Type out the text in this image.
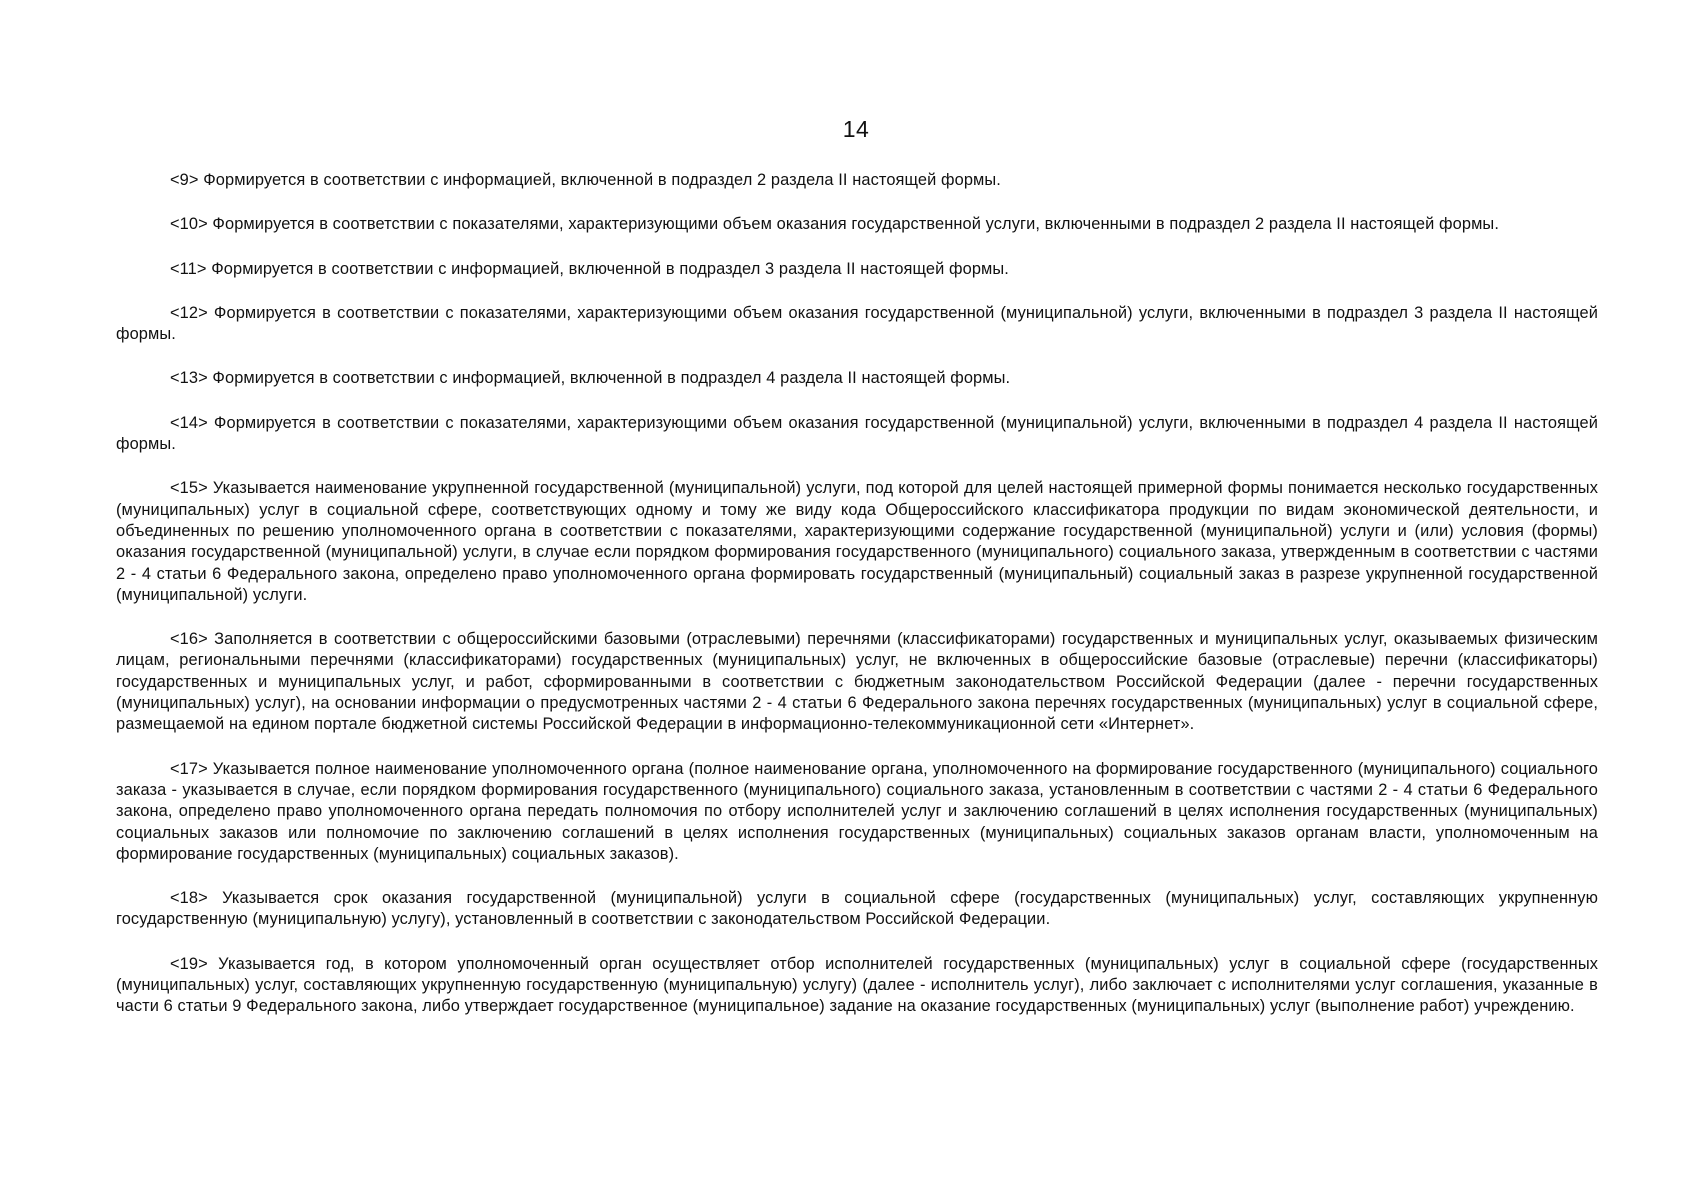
14

<9> Формируется в соответствии с информацией, включенной в подраздел 2 раздела II настоящей формы.

<10> Формируется в соответствии с показателями, характеризующими объем оказания государственной услуги, включенными в подраздел 2 раздела II настоящей формы.

<11> Формируется в соответствии с информацией, включенной в подраздел 3 раздела II настоящей формы.

<12> Формируется в соответствии с показателями, характеризующими объем оказания государственной (муниципальной) услуги, включенными в подраздел 3 раздела II настоящей формы.

<13> Формируется в соответствии с информацией, включенной в подраздел 4 раздела II настоящей формы.

<14> Формируется в соответствии с показателями, характеризующими объем оказания государственной (муниципальной) услуги, включенными в подраздел 4 раздела II настоящей формы.

<15> Указывается наименование укрупненной государственной (муниципальной) услуги, под которой для целей настоящей примерной формы понимается несколько государственных (муниципальных) услуг в социальной сфере, соответствующих одному и тому же виду кода Общероссийского классификатора продукции по видам экономической деятельности, и объединенных по решению уполномоченного органа в соответствии с показателями, характеризующими содержание государственной (муниципальной) услуги и (или) условия (формы) оказания государственной (муниципальной) услуги, в случае если порядком формирования государственного (муниципального) социального заказа, утвержденным в соответствии с частями 2 - 4 статьи 6 Федерального закона, определено право уполномоченного органа формировать государственный (муниципальный) социальный заказ в разрезе укрупненной государственной (муниципальной) услуги.

<16> Заполняется в соответствии с общероссийскими базовыми (отраслевыми) перечнями (классификаторами) государственных и муниципальных услуг, оказываемых физическим лицам, региональными перечнями (классификаторами) государственных (муниципальных) услуг, не включенных в общероссийские базовые (отраслевые) перечни (классификаторы) государственных и муниципальных услуг, и работ, сформированными в соответствии с бюджетным законодательством Российской Федерации (далее - перечни государственных (муниципальных) услуг), на основании информации о предусмотренных частями 2 - 4 статьи 6 Федерального закона перечнях государственных (муниципальных) услуг в социальной сфере, размещаемой на едином портале бюджетной системы Российской Федерации в информационно-телекоммуникационной сети «Интернет».

<17> Указывается полное наименование уполномоченного органа (полное наименование органа, уполномоченного на формирование государственного (муниципального) социального заказа - указывается в случае, если порядком формирования государственного (муниципального) социального заказа, установленным в соответствии с частями 2 - 4 статьи 6 Федерального закона, определено право уполномоченного органа передать полномочия по отбору исполнителей услуг и заключению соглашений в целях исполнения государственных (муниципальных) социальных заказов или полномочие по заключению соглашений в целях исполнения государственных (муниципальных) социальных заказов органам власти, уполномоченным на формирование государственных (муниципальных) социальных заказов).

<18> Указывается срок оказания государственной (муниципальной) услуги в социальной сфере (государственных (муниципальных) услуг, составляющих укрупненную государственную (муниципальную) услугу), установленный в соответствии с законодательством Российской Федерации.

<19> Указывается год, в котором уполномоченный орган осуществляет отбор исполнителей государственных (муниципальных) услуг в социальной сфере (государственных (муниципальных) услуг, составляющих укрупненную государственную (муниципальную) услугу) (далее - исполнитель услуг), либо заключает с исполнителями услуг соглашения, указанные в части 6 статьи 9 Федерального закона, либо утверждает государственное (муниципальное) задание на оказание государственных (муниципальных) услуг (выполнение работ) учреждению.
